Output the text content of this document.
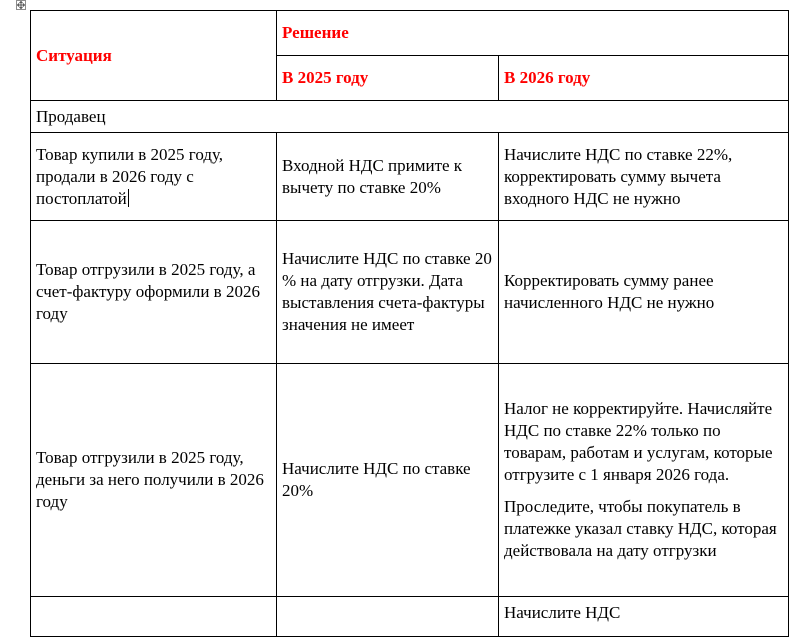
Ситуация	Решение	
	В 2025 году	В 2026 году
Продавец		
Товар купили в 2025 году, продали в 2026 году с постоплатой	Входной НДС примите к вычету по ставке 20%	Начислите НДС по ставке 22%, корректировать сумму вычета входного НДС не нужно

Товар отгрузили в 2025 году, а счет-фактуру оформили в 2026 году	Начислите НДС по ставке 20 % на дату отгрузки. Дата выставления счета-фактуры значения не имеет	Корректировать сумму ранее начисленного НДС не нужно

Товар отгрузили в 2025 году, деньги за него получили в 2026 году	Начислите НДС по ставке 20%	Налог не корректируйте. Начисляйте НДС по ставке 22% только по товарам, работам и услугам, которые отгрузите с 1 января 2026 года.

Проследите, чтобы покупатель в платежке указал ставку НДС, которая действовала на дату отгрузки

		Начислите НДС
